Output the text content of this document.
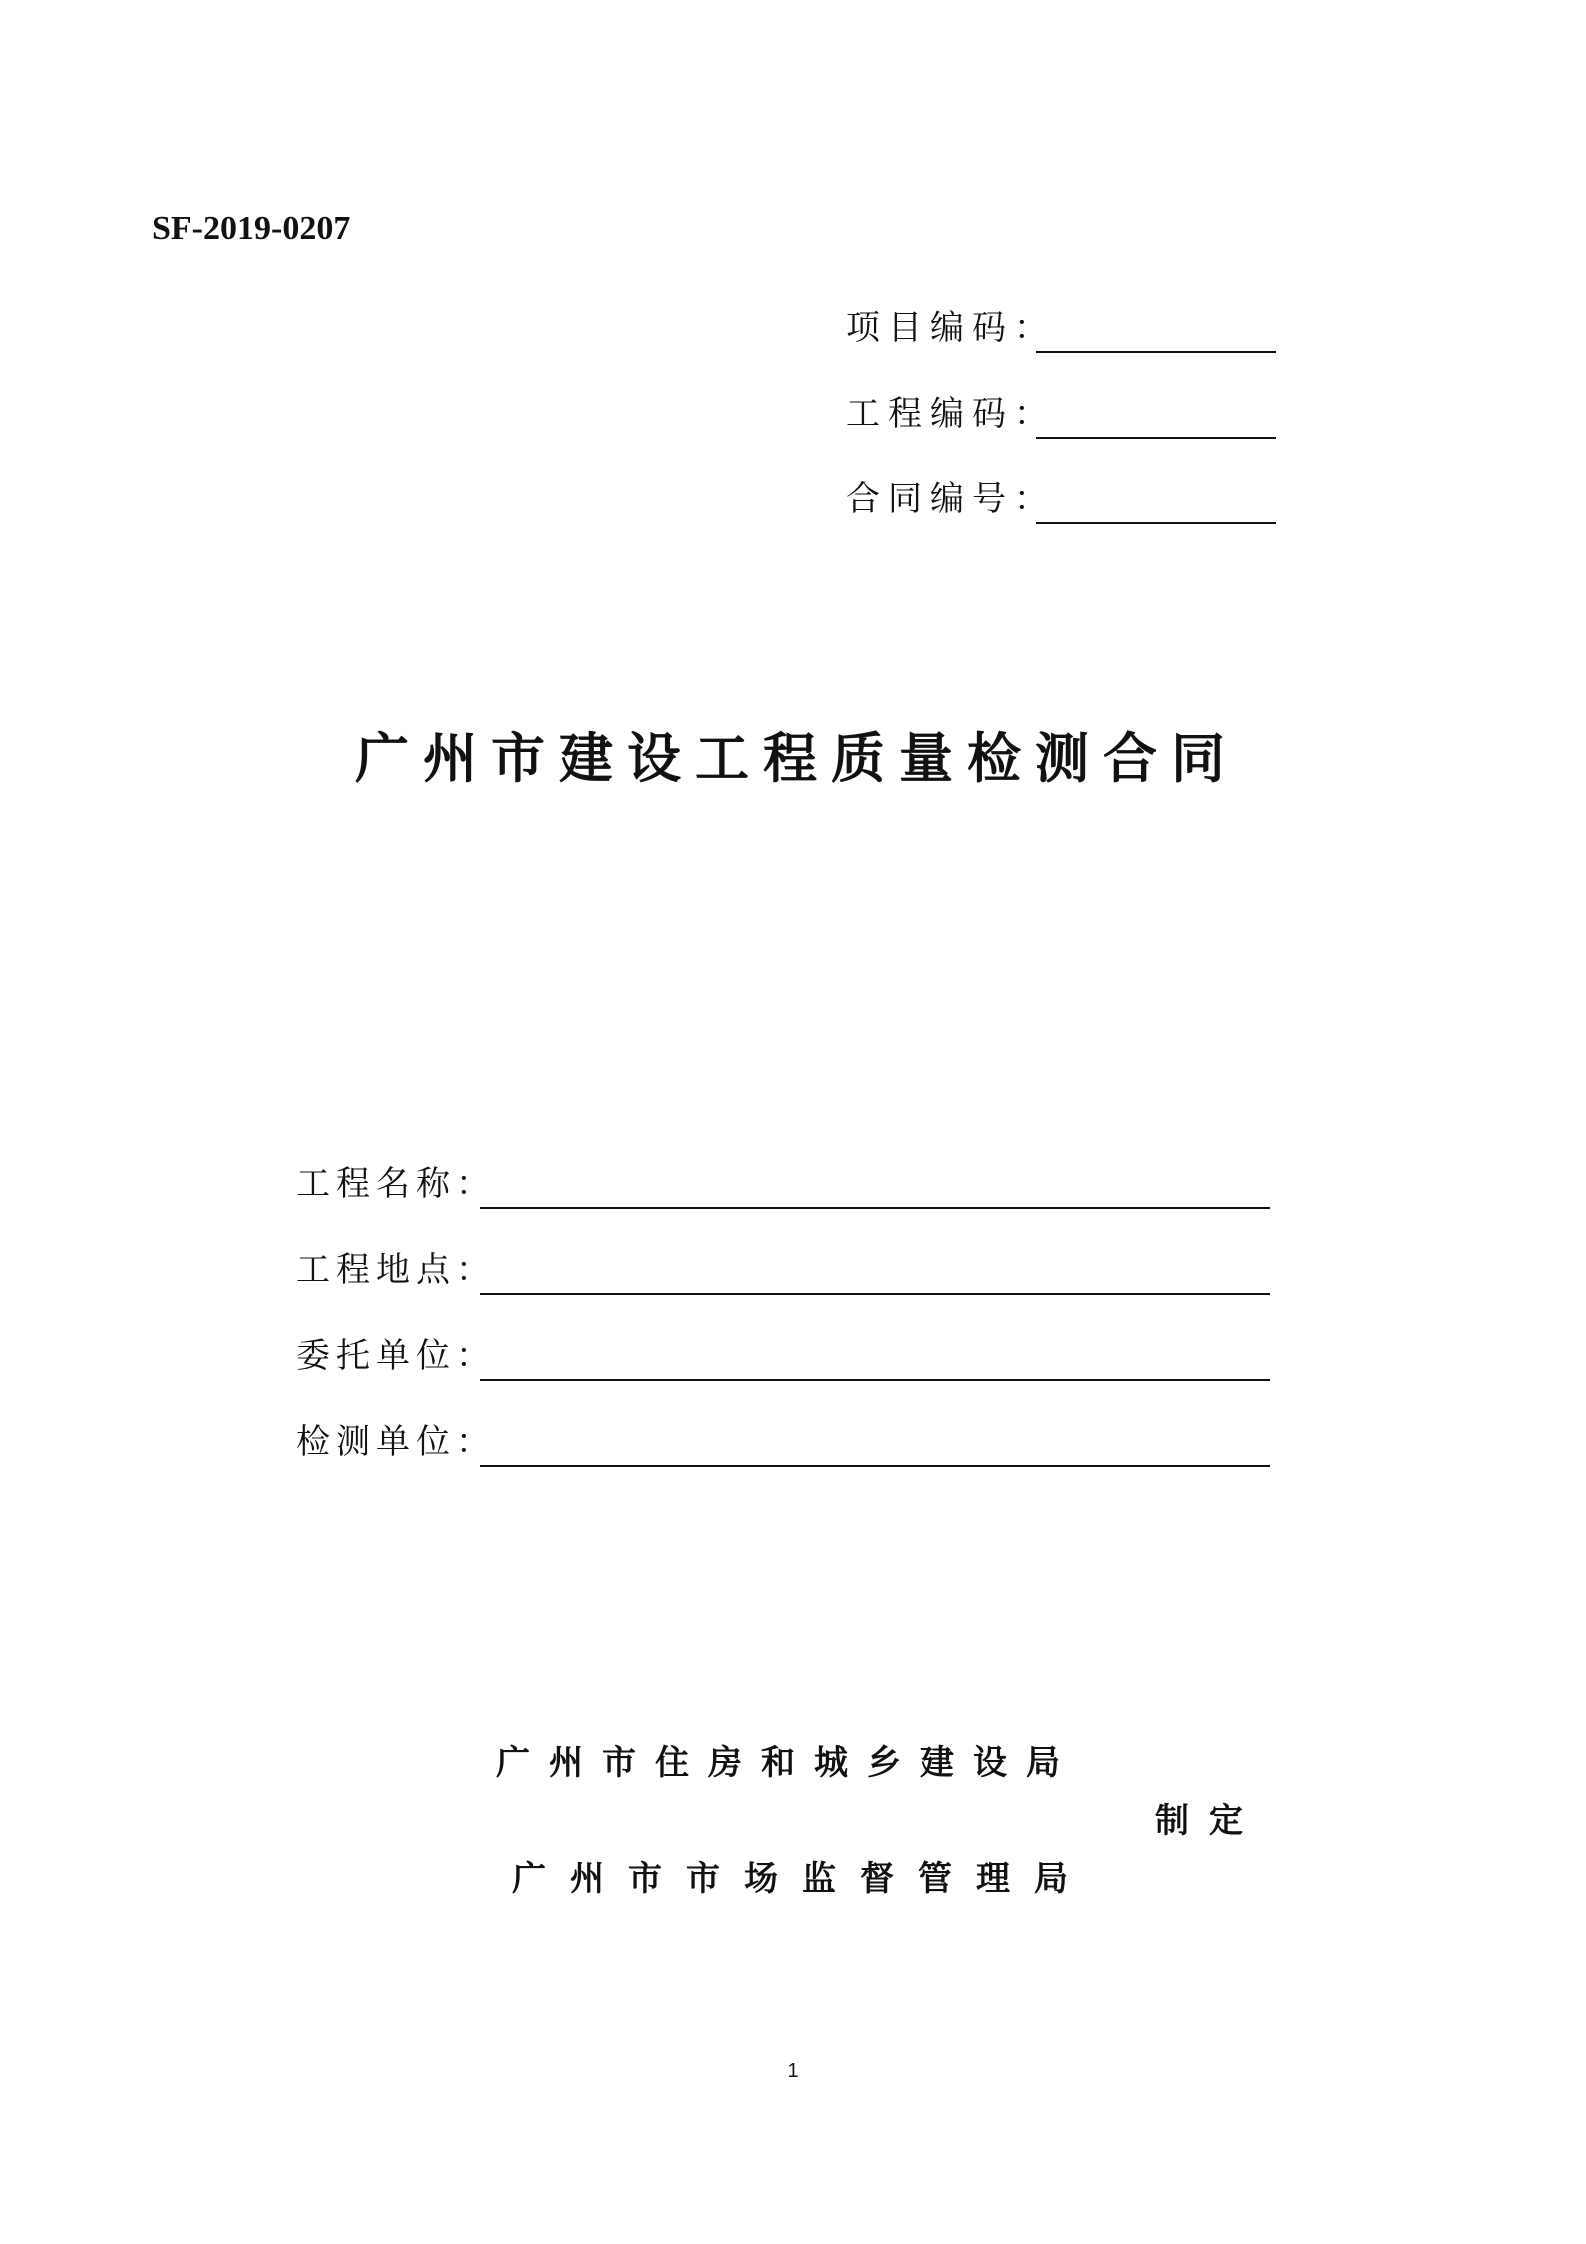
SF-2019-0207
项目编码：
工程编码：
合同编号：
广州市建设工程质量检测合同
工程名称：
工程地点：
委托单位：
检测单位：
广州市住房和城乡建设局
制定
广州市市场监督管理局
1
